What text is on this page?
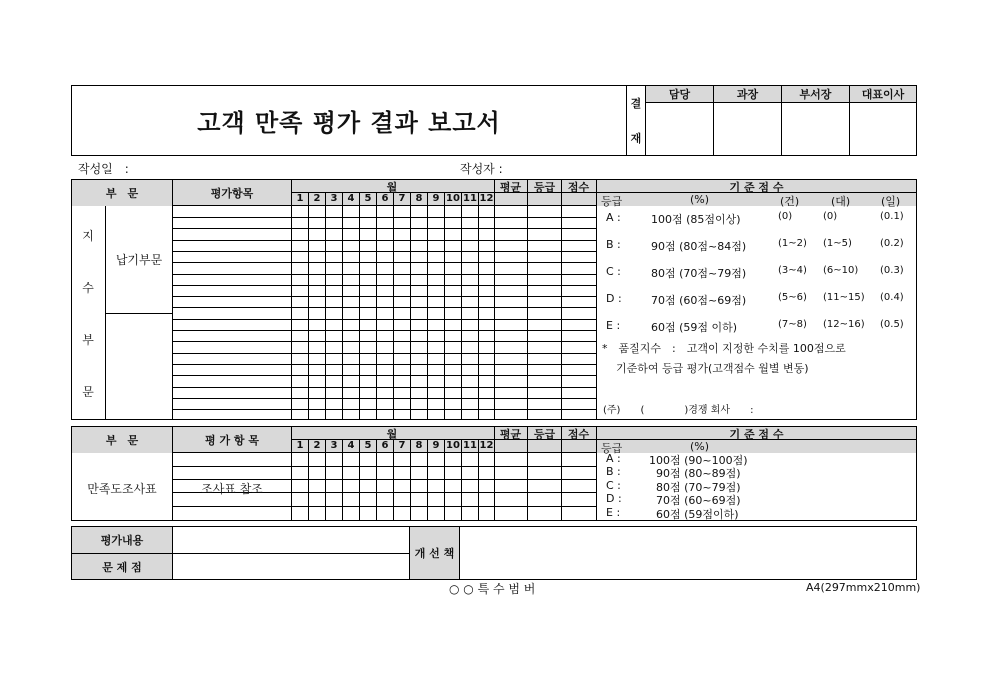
고객 만족 평가 결과 보고서
결
재
담당	과장	부서장	대표이사
작성일　:	작성자 :
부　문	평가항목	월	평균	등급	점수	기 준 점 수
1	2	3	4	5	6	7	8	9 10 11 12
지
수
부
문
납기부문
등급	(%)	(건)	(대)	(일)
A :	100점 (85점이상)	(0)	(0)	(0.1)
B :	90점 (80점~84점)	(1~2) (1~5)	(0.2)
C :	80점 (70점~79점)	(3~4) (6~10) (0.3)
D :	70점 (60점~69점)	(5~6) (11~15) (0.4)
E :	60점 (59점 이하)	(7~8) (12~16) (0.5)
*　품질지수　:　고객이 지정한 수치를 100점으로
기준하여 등급 평가(고객점수 월별 변동)
(주)　　(　　　　)경쟁 회사　　:
부　문	평 가 항 목	월	평균	등급	점수	기 준 점 수
1	2	3	4	5	6	7	8	9 10 11 12
만족도조사표	조사표 참조
등급	(%)
A :	100점 (90~100점)
B :	90점 (80~89점)
C :	80점 (70~79점)
D :	70점 (60~69점)
E :	60점 (59점이하)
평가내용
문 제 점
개 선 책
○ ○ 특 수 범 버	A4(297mmx210mm)
